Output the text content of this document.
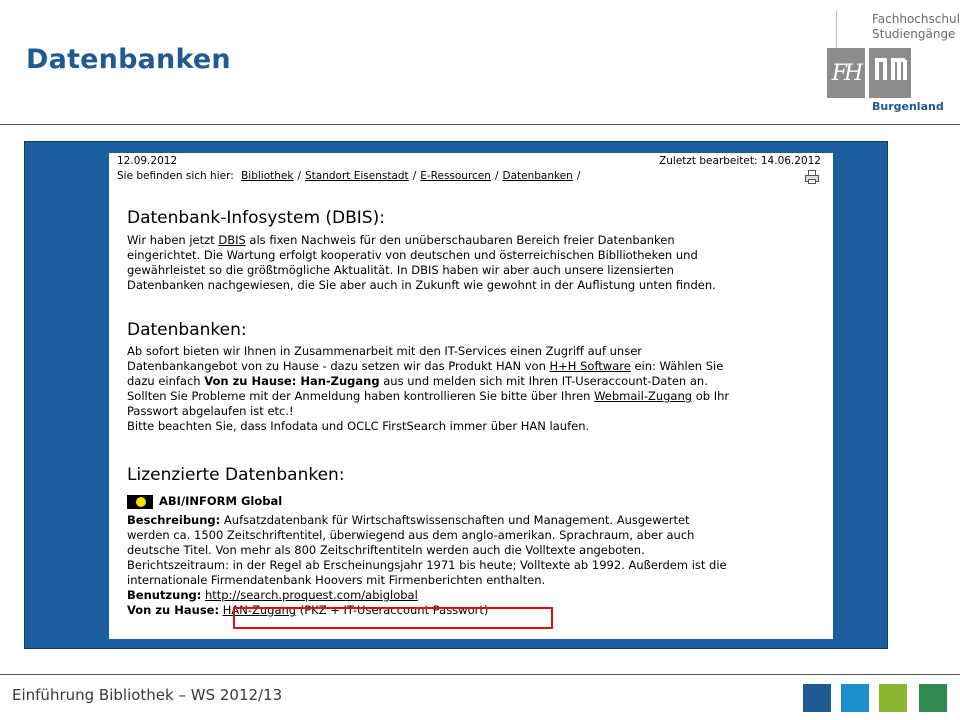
Datenbanken
Fachhochschul
Studiengänge
FH
Burgenland
12.09.2012	Zuletzt bearbeitet: 14.06.2012
Sie befinden sich hier: Bibliothek / Standort Eisenstadt / E-Ressourcen / Datenbanken /
Datenbank-Infosystem (DBIS):

Wir haben jetzt DBIS als fixen Nachweis für den unüberschaubaren Bereich freier Datenbanken

eingerichtet. Die Wartung erfolgt kooperativ von deutschen und österreichischen Biblliotheken und

gewährleistet so die größtmögliche Aktualität. In DBIS haben wir aber auch unsere lizensierten

Datenbanken nachgewiesen, die Sie aber auch in Zukunft wie gewohnt in der Auflistung unten finden.

Datenbanken:

Ab sofort bieten wir Ihnen in Zusammenarbeit mit den IT-Services einen Zugriff auf unser

Datenbankangebot von zu Hause - dazu setzen wir das Produkt HAN von H+H Software ein: Wählen Sie

dazu einfach Von zu Hause: Han-Zugang aus und melden sich mit Ihren IT-Useraccount-Daten an.

Sollten Sie Probleme mit der Anmeldung haben kontrollieren Sie bitte über Ihren Webmail-Zugang ob Ihr

Passwort abgelaufen ist etc.!

Bitte beachten Sie, dass Infodata und OCLC FirstSearch immer über HAN laufen.

Lizenzierte Datenbanken:
ABI/INFORM Global

Beschreibung: Aufsatzdatenbank für Wirtschaftswissenschaften und Management. Ausgewertet

werden ca. 1500 Zeitschriftentitel, überwiegend aus dem anglo-amerikan. Sprachraum, aber auch

deutsche Titel. Von mehr als 800 Zeitschriftentiteln werden auch die Volltexte angeboten.

Berichtszeitraum: in der Regel ab Erscheinungsjahr 1971 bis heute; Volltexte ab 1992. Außerdem ist die

internationale Firmendatenbank Hoovers mit Firmenberichten enthalten.

Benutzung: http://search.proquest.com/abiglobal

Von zu Hause: HAN-Zugang (PKZ + IT-Useraccount Passwort)

Einführung Bibliothek – WS 2012/13
